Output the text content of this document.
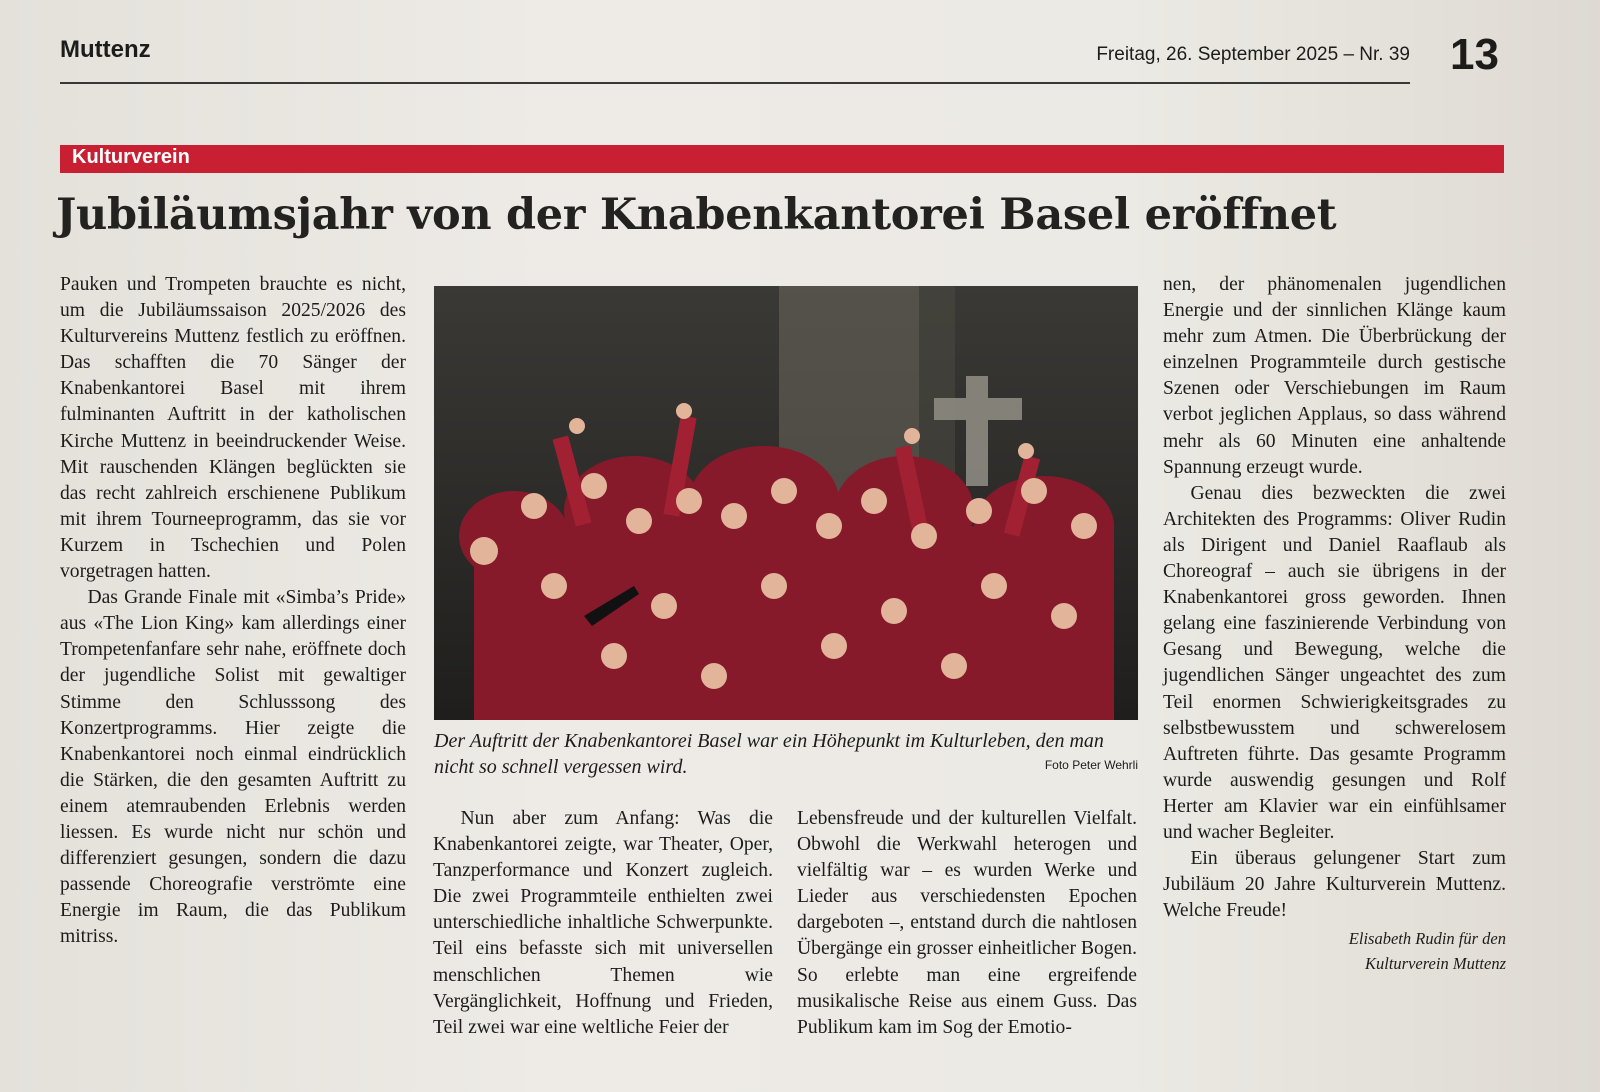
Muttenz	Freitag, 26. September 2025 – Nr. 39 13
Kulturverein
Jubiläumsjahr von der Knabenkantorei Basel eröffnet

Pauken und Trompeten brauchte es nicht, um die Jubiläumssaison 2025/2026 des Kulturvereins Muttenz festlich zu eröffnen. Das schafften die 70 Sänger der Knabenkantorei Basel mit ihrem fulminanten Auftritt in der katholischen Kirche Muttenz in beeindruckender Weise. Mit rauschenden Klängen beglückten sie das recht zahlreich erschienene Publikum mit ihrem Tourneeprogramm, das sie vor Kurzem in Tschechien und Polen vorgetragen hatten.

Das Grande Finale mit «Simba’s Pride» aus «The Lion King» kam allerdings einer Trompetenfanfare sehr nahe, eröffnete doch der jugendliche Solist mit gewaltiger Stimme den Schlusssong des Konzertprogramms. Hier zeigte die Knabenkantorei noch einmal eindrücklich die Stärken, die den gesamten Auftritt zu einem atemraubenden Erlebnis werden liessen. Es wurde nicht nur schön und differenziert gesungen, sondern die dazu passende Choreografie verströmte eine Energie im Raum, die das Publikum mitriss.

Der Auftritt der Knabenkantorei Basel war ein Höhepunkt im Kulturleben, den man nicht so schnell vergessen wird.	Foto Peter Wehrli

Nun aber zum Anfang: Was die Knabenkantorei zeigte, war Theater, Oper, Tanzperformance und Konzert zugleich. Die zwei Programmteile enthielten zwei unterschiedliche inhaltliche Schwerpunkte. Teil eins befasste sich mit universellen menschlichen Themen wie Vergänglichkeit, Hoffnung und Frieden, Teil zwei war eine weltliche Feier der

Lebensfreude und der kulturellen Vielfalt. Obwohl die Werkwahl heterogen und vielfältig war – es wurden Werke und Lieder aus verschiedensten Epochen dargeboten –, entstand durch die nahtlosen Übergänge ein grosser einheitlicher Bogen. So erlebte man eine ergreifende musikalische Reise aus einem Guss. Das Publikum kam im Sog der Emotio-

nen, der phänomenalen jugendlichen Energie und der sinnlichen Klänge kaum mehr zum Atmen. Die Überbrückung der einzelnen Programmteile durch gestische Szenen oder Verschiebungen im Raum verbot jeglichen Applaus, so dass während mehr als 60 Minuten eine anhaltende Spannung erzeugt wurde.

Genau dies bezweckten die zwei Architekten des Programms: Oliver Rudin als Dirigent und Daniel Raaflaub als Choreograf – auch sie übrigens in der Knabenkantorei gross geworden. Ihnen gelang eine faszinierende Verbindung von Gesang und Bewegung, welche die jugendlichen Sänger ungeachtet des zum Teil enormen Schwierigkeitsgrades zu selbstbewusstem und schwerelosem Auftreten führte. Das gesamte Programm wurde auswendig gesungen und Rolf Herter am Klavier war ein einfühlsamer und wacher Begleiter.

Ein überaus gelungener Start zum Jubiläum 20 Jahre Kulturverein Muttenz. Welche Freude!

Elisabeth Rudin für den
Kulturverein Muttenz
